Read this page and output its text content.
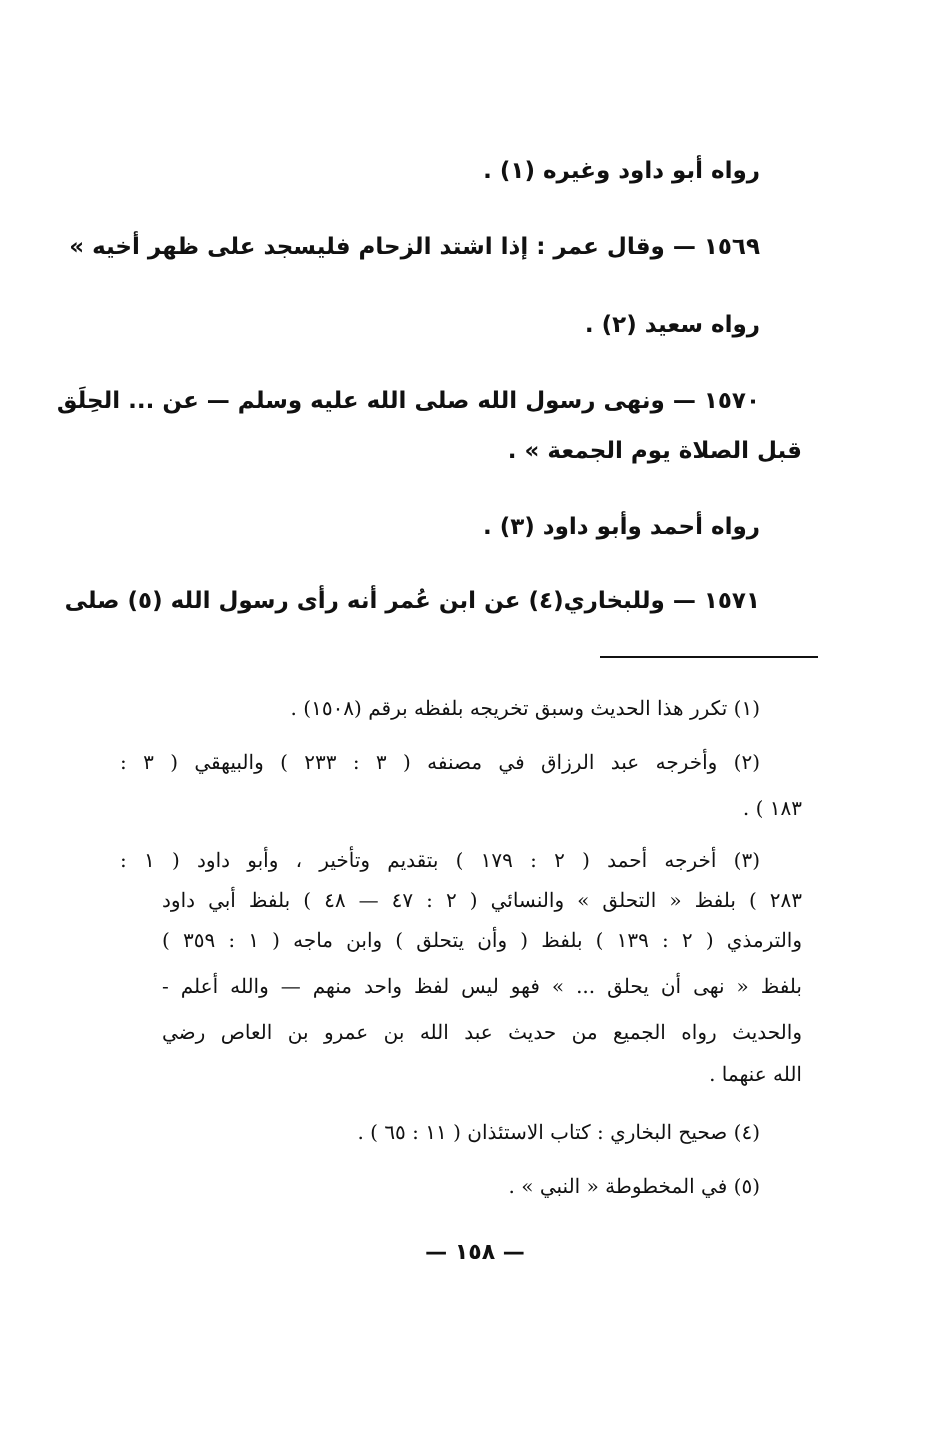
رواه أبو داود وغيره (١) .
١٥٦٩ — وقال عمر : إذا اشتد الزحام فليسجد على ظهر أخيه »
رواه سعيد (٢) .
١٥٧٠ — ونهى رسول الله صلى الله عليه وسلم — عن ... الحِلَق
قبل الصلاة يوم الجمعة » .
رواه أحمد وأبو داود (٣) .
١٥٧١ — وللبخاري(٤) عن ابن عُمر أنه رأى رسول الله (٥) صلى
(١) تكرر هذا الحديث وسبق تخريجه بلفظه برقم (١٥٠٨) .
(٢) وأخرجه عبد الرزاق في مصنفه ( ٣ : ٢٣٣ ) والبيهقي ( ٣ :
١٨٣ ) .
(٣) أخرجه أحمد ( ٢ : ١٧٩ ) بتقديم وتأخير ، وأبو داود ( ١ :
٢٨٣ ) بلفظ « التحلق » والنسائي ( ٢ : ٤٧ — ٤٨ ) بلفظ أبي داود
والترمذي ( ٢ : ١٣٩ ) بلفظ ( وأن يتحلق ) وابن ماجه ( ١ : ٣٥٩ )
بلفظ « نهى أن يحلق ... » فهو ليس لفظ واحد منهم — والله أعلم -
والحديث رواه الجميع من حديث عبد الله بن عمرو بن العاص رضي
الله عنهما .
(٤) صحيح البخاري : كتاب الاستئذان ( ١١ : ٦٥ ) .
(٥) في المخطوطة « النبي » .
— ١٥٨ —
